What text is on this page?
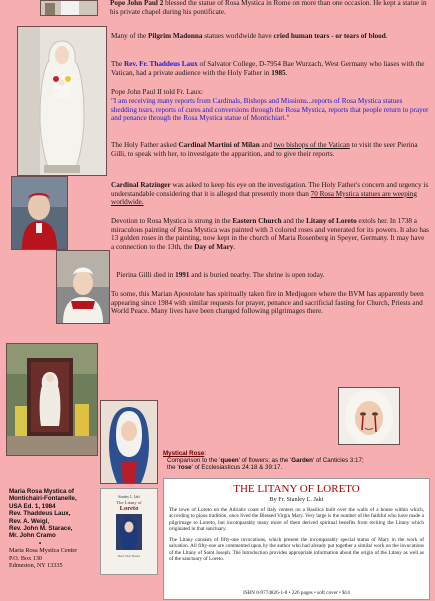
Pope John Paul 2 blessed the statue of Rosa Mystica in Rome on more than one occasion. He kept a statue in his private chapel during his pontificate.

Many of the Pilgrim Madonna statues worldwide have cried human tears - or tears of blood.

The Rev. Fr. Thaddeus Laux of Salvator College, D-7954 Bae Wurzach, West Germany who liases with the Vatican, had a private audience with the Holy Father in 1985.

Pope John Paul II told Fr. Laux:

"I am receiving many reports from Cardinals, Bishops and Missions...reports of Rosa Mystica statues shedding tears, reports of cures and conversions through the Rosa Mystica, reports that people return to prayer and penance through the Rosa Mystica statue of Montichiari."

The Holy Father asked Cardinal Martini of Milan and two bishops of the Vatican to visit the seer Pierina Gilli, to speak with her, to investigate the apparition, and to give their reports.

Cardinal Ratzinger was asked to keep his eye on the investigation. The Holy Father's concern and urgency is understandable considering that it is alleged that presently more than 70 Rosa Mystica statues are weeping worldwide.

Devotion to Rosa Mystica is strong in the Eastern Church and the Litany of Loreto extols her. In 1738 a miraculous painting of Rosa Mystica was painted with 3 colored roses and venerated for its powers. It also has 13 golden roses in the painting, now kept in the church of Maria Rosenberg in Speyer, Germany. It may have a connection to the 13th, the Day of Mary.

Pierina Gilli died in 1991 and is buried nearby. The shrine is open today.

To some, this Marian Apostolate has spiritually taken fire in Medjugore where the BVM has apparently been appearing since 1984 with similar requests for prayer, penance and sacrificial fasting for Church, Priests and World Peace. Many lives have been changed following pilgrimages there.

Mystical Rose:
Comparison to the 'queen' of flowers; as the 'Garden' of Canticles 3:17;
the 'rose' of Ecclesiasticus 24:18 & 39:17.
Maria Rosa Mystica of
Montichairi-Fontanelle,
USA Ed. 1, 1984
Rev. Thaddeus Laux,
Rev. A. Weigl,
Rev. John M. Starace,
Mr. John Cramo
•
Maria Rosa Mystica Center
P.O. Box 130
Edmeston, NY 13335
Stanley L. Jaki
The Litany of
Loreto
Real View Books
THE LITANY OF LORETO
By Fr. Stanley L. Jaki

The town of Loreto on the Adriatic coast of Italy centers on a Basilica built over the walls of a house within which, according to pious tradition, once lived the Blessed Virgin Mary. Very large is the number of the faithful who have made a pilgrimage to Loretto, but incomparably many more of them derived spiritual benefits from reciting the Litany which originated in that sanctuary.

The Litany consists of fifty-one invocations, which present the incomparably special status of Mary in the work of salvation. All fifty-one are commented upon by the author who had already put together a similar work on the invocations of the Litany of Saint Joseph. The Introduction provides appropriate information about the origin of the Litany as well as of the sanctuary of Loreto.

ISBN 0-9774826-1-8 • 226 pages • soft cover • $14
